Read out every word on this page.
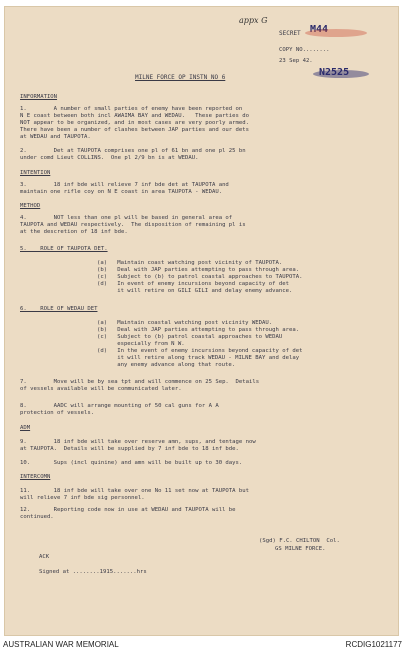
appx G
SECRET M44
COPY NO........
23 Sep 42.
N2525
MILNE FORCE OP INSTN NO 6
INFORMATION
1.        A number of small parties of enemy have been reported on
N E coast between both incl AWAIMA BAY and WEDAU.   These parties do
NOT appear to be organized, and in most cases are very poorly armed.
There have been a number of clashes between JAP parties and our dets
at WEDAU and TAUPOTA.
2.        Det at TAUPOTA comprises one pl of 61 bn and one pl 25 bn
under comd Lieut COLLINS.  One pl 2/9 bn is at WEDAU.
INTENTION
3.        18 inf bde will relieve 7 inf bde det at TAUPOTA and
maintain one rifle coy on N E coast in area TAUPOTA - WEDAU.
METHOD
4.        NOT less than one pl will be based in general area of
TAUPOTA and WEDAU respectively.  The disposition of remaining pl is
at the descretion of 18 inf bde.
5.    ROLE OF TAUPOTA DET.
(a)   Maintain coast watching post vicinity of TAUPOTA.
(b)   Deal with JAP parties attempting to pass through area.
(c)   Subject to (b) to patrol coastal approaches to TAUPOTA.
(d)   In event of enemy incursions beyond capacity of det
it will retire on GILI GILI and delay enemy advance.
6.    ROLE OF WEDAU DET
(a)   Maintain coastal watching post vicinity WEDAU.
(b)   Deal with JAP parties attempting to pass through area.
(c)   Subject to (b) patrol coastal approaches to WEDAU
especially from N W.
(d)   In the event of enemy incursions beyond capacity of det
it will retire along track WEDAU - MILNE BAY and delay
any enemy advance along that route.
7.        Move will be by sea tpt and will commence on 25 Sep.  Details
of vessels available will be communicated later.
8.        AADC will arrange mounting of 50 cal guns for A A
protection of vessels.
ADM
9.        18 inf bde will take over reserve amn, sups, and tentage now
at TAUPOTA.  Details will be supplied by 7 inf bde to 18 inf bde.
10.       Sups (incl quinine) and amn will be built up to 30 days.
INTERCOMN
11.       18 inf bde will take over one No 11 set now at TAUPOTA but
will relieve 7 inf bde sig personnel.
12.       Reporting code now in use at WEDAU and TAUPOTA will be
continued.
(Sgd) F.C. CHILTON  Col.
GS MILNE FORCE.
ACK
Signed at ........1915.......hrs
AUSTRALIAN WAR MEMORIAL	RCDIG1021177
